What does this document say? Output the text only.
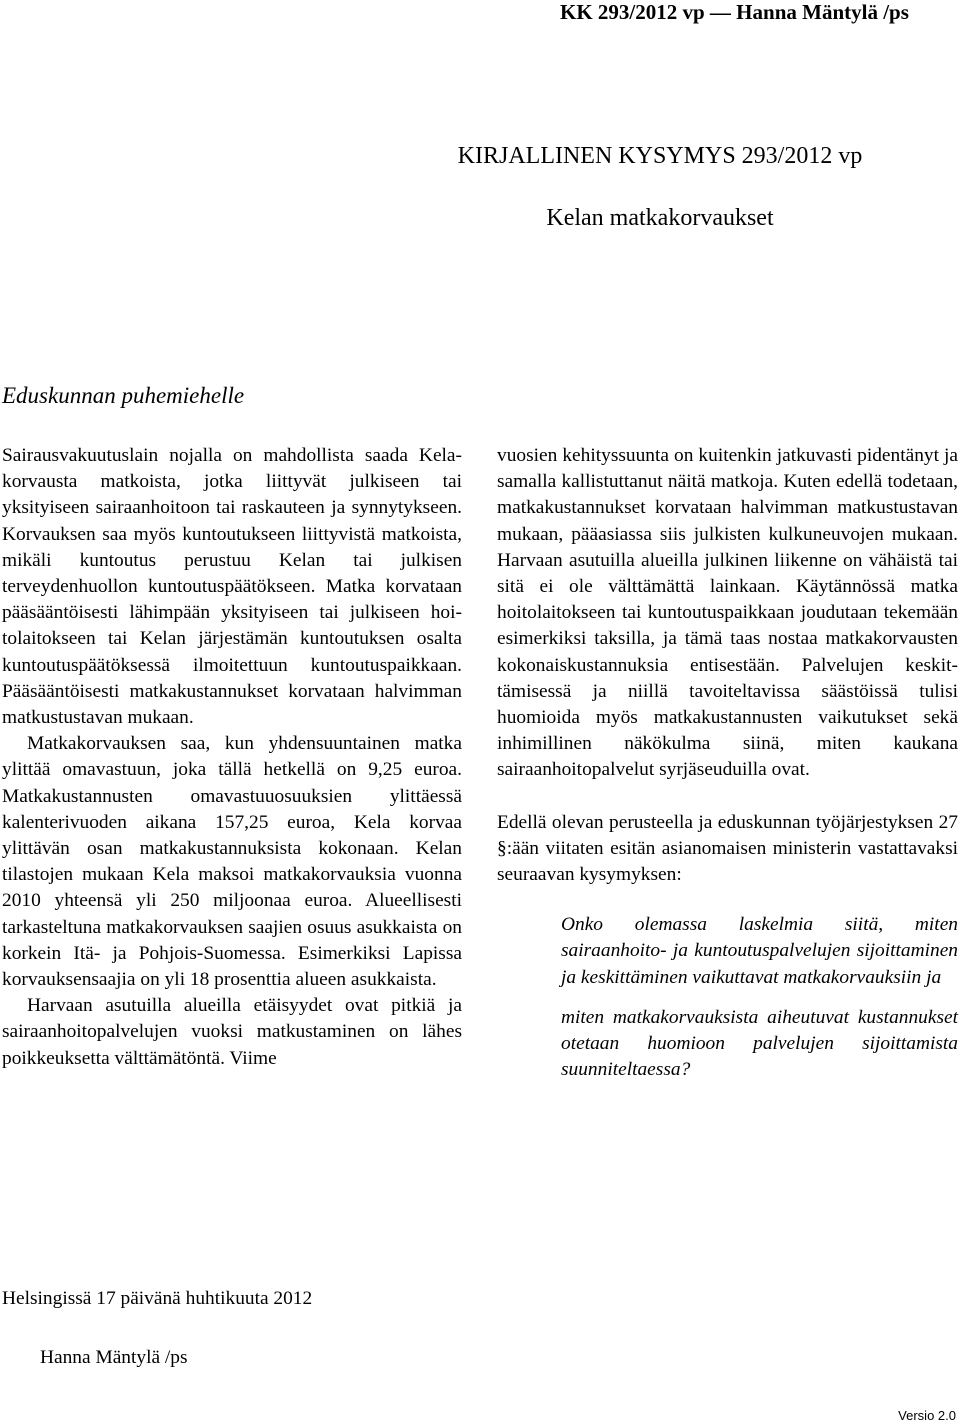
KK 293/2012 vp — Hanna Mäntylä /ps
KIRJALLINEN KYSYMYS 293/2012 vp
Kelan matkakorvaukset
Eduskunnan puhemiehelle

Sairausvakuutuslain nojalla on mahdollista saada Kela-korvausta matkoista, jotka liittyvät julkiseen tai yksityiseen sairaanhoitoon tai raskauteen ja synnytykseen. Korvauksen saa myös kuntoutukseen liittyvistä matkoista, mikäli kuntoutus perustuu Kelan tai julkisen terveydenhuollon kuntoutuspäätökseen. Matka korvataan pääsääntöisesti lähimpään yksityiseen tai julkiseen hoitolaitokseen tai Kelan järjestämän kuntoutuksen osalta kuntoutuspäätöksessä ilmoitettuun kuntoutuspaikkaan. Pääsääntöisesti matkakustannukset korvataan halvimman matkustustavan mukaan.

Matkakorvauksen saa, kun yhdensuuntainen matka ylittää omavastuun, joka tällä hetkellä on 9,25 euroa. Matkakustannusten omavastuuosuuksien ylittäessä kalenterivuoden aikana 157,25 euroa, Kela korvaa ylittävän osan matkakustannuksista kokonaan. Kelan tilastojen mukaan Kela maksoi matkakorvauksia vuonna 2010 yhteensä yli 250 miljoonaa euroa. Alueellisesti tarkasteltuna matkakorvauksen saajien osuus asukkaista on korkein Itä- ja Pohjois-Suomessa. Esimerkiksi Lapissa korvauksensaajia on yli 18 prosenttia alueen asukkaista.

Harvaan asutuilla alueilla etäisyydet ovat pitkiä ja sairaanhoitopalvelujen vuoksi matkustaminen on lähes poikkeuksetta välttämätöntä. Viime

vuosien kehityssuunta on kuitenkin jatkuvasti pidentänyt ja samalla kallistuttanut näitä matkoja. Kuten edellä todetaan, matkakustannukset korvataan halvimman matkustustavan mukaan, pääasiassa siis julkisten kulkuneuvojen mukaan. Harvaan asutuilla alueilla julkinen liikenne on vähäistä tai sitä ei ole välttämättä lainkaan. Käytännössä matka hoitolaitokseen tai kuntoutuspaikkaan joudutaan tekemään esimerkiksi taksilla, ja tämä taas nostaa matkakorvausten kokonaiskustannuksia entisestään. Palvelujen keskittämisessä ja niillä tavoiteltavissa säästöissä tulisi huomioida myös matkakustannusten vaikutukset sekä inhimillinen näkökulma siinä, miten kaukana sairaanhoitopalvelut syrjäseuduilla ovat.

Edellä olevan perusteella ja eduskunnan työjärjestyksen 27 §:ään viitaten esitän asianomaisen ministerin vastattavaksi seuraavan kysymyksen:

Onko olemassa laskelmia siitä, miten sairaanhoito- ja kuntoutuspalvelujen sijoittaminen ja keskittäminen vaikuttavat matkakorvauksiin ja

miten matkakorvauksista aiheutuvat kustannukset otetaan huomioon palvelujen sijoittamista suunniteltaessa?

Helsingissä 17 päivänä huhtikuuta 2012
Hanna Mäntylä /ps
Versio 2.0
